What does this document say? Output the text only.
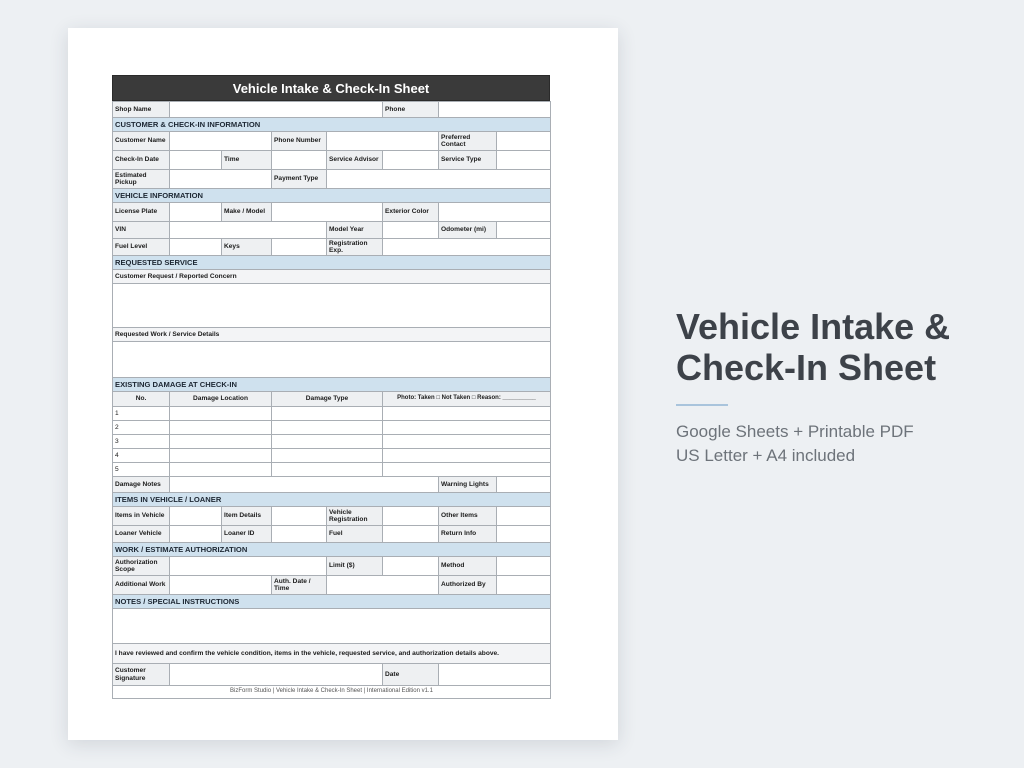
Vehicle Intake & Check-In Sheet
Shop Name					Phone		
CUSTOMER & CHECK-IN INFORMATION							
Customer Name			Phone Number			Preferred Contact	
Check-In Date		Time		Service Advisor		Service Type	
Estimated Pickup			Payment Type				
VEHICLE INFORMATION							
License Plate		Make / Model			Exterior Color		
VIN				Model Year		Odometer (mi)	
Fuel Level		Keys		Registration Exp.			
REQUESTED SERVICE							
Customer Request / Reported Concern							

Requested Work / Service Details							

EXISTING DAMAGE AT CHECK-IN							
No.	Damage Location		Damage Type		Photo: Taken □ Not Taken □ Reason: __________		
1							
2							
3							
4							
5							
Damage Notes						Warning Lights	
ITEMS IN VEHICLE / LOANER							
Items in Vehicle		Item Details		Vehicle Registration		Other Items	
Loaner Vehicle		Loaner ID		Fuel		Return Info	
WORK / ESTIMATE AUTHORIZATION							
Authorization Scope				Limit ($)		Method	
Additional Work			Auth. Date / Time			Authorized By	
NOTES / SPECIAL INSTRUCTIONS							

I have reviewed and confirm the vehicle condition, items in the vehicle, requested service, and authorization details above.							
Customer Signature					Date		
BizForm Studio | Vehicle Intake & Check-In Sheet | International Edition v1.1							
Vehicle Intake &
Check-In Sheet
Google Sheets + Printable PDF
US Letter + A4 included
